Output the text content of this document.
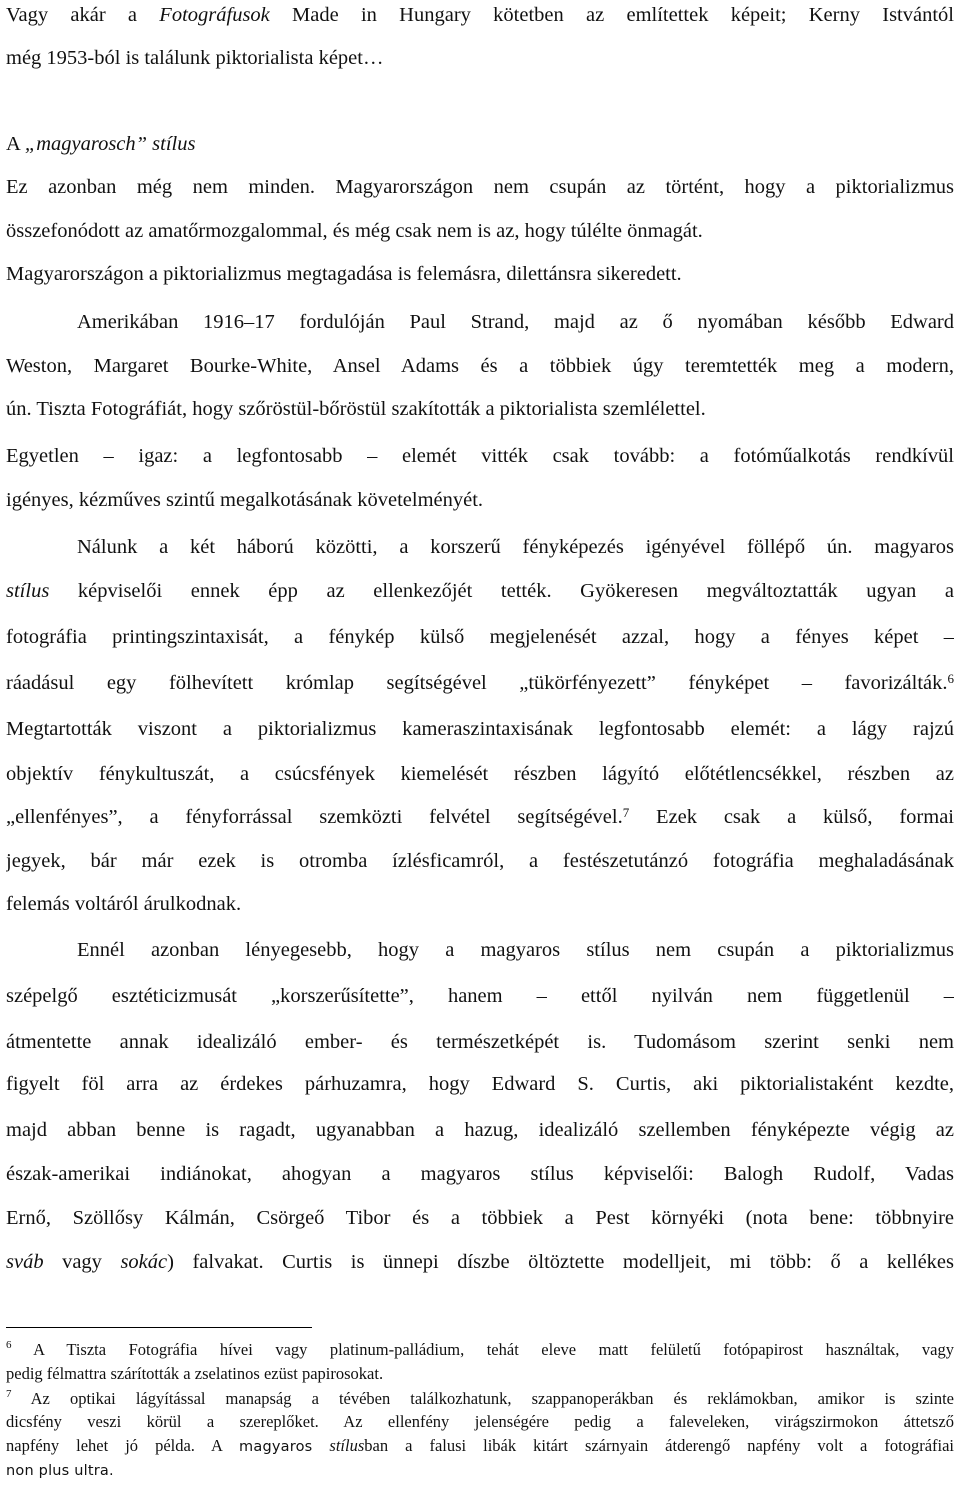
Vagy akár a Fotográfusok Made in Hungary kötetben az említettek képeit; Kerny Istvántól
még 1953-ból is találunk piktorialista képet…
A „magyarosch” stílus
Ez azonban még nem minden. Magyarországon nem csupán az történt, hogy a piktorializmus
összefonódott az amatőrmozgalommal, és még csak nem is az, hogy túlélte önmagát.
Magyarországon a piktorializmus megtagadása is felemásra, dilettánsra sikeredett.
Amerikában 1916–17 fordulóján Paul Strand, majd az ő nyomában később Edward
Weston, Margaret Bourke-White, Ansel Adams és a többiek úgy teremtették meg a modern,
ún. Tiszta Fotográfiát, hogy szőröstül-bőröstül szakították a piktorialista szemlélettel.
Egyetlen – igaz: a legfontosabb – elemét vitték csak tovább: a fotóműalkotás rendkívül
igényes, kézműves szintű megalkotásának követelményét.
Nálunk a két háború közötti, a korszerű fényképezés igényével föllépő ún. magyaros
stílus képviselői ennek épp az ellenkezőjét tették. Gyökeresen megváltoztatták ugyan a
fotográfia printingszintaxisát, a fénykép külső megjelenését azzal, hogy a fényes képet –
ráadásul egy fölhevített krómlap segítségével „tükörfényezett” fényképet – favorizálták.$^6$
Megtartották viszont a piktorializmus kameraszintaxisának legfontosabb elemét: a lágy rajzú
objektív fénykultuszát, a csúcsfények kiemelését részben lágyító előtétlencsékkel, részben az
„ellenfényes”, a fényforrással szemközti felvétel segítségével.$^7$ Ezek csak a külső, formai
jegyek, bár már ezek is otromba ízlésficamról, a festészetutánzó fotográfia meghaladásának
felemás voltáról árulkodnak.
Ennél azonban lényegesebb, hogy a magyaros stílus nem csupán a piktorializmus
szépelgő esztéticizmusát „korszerűsítette”, hanem – ettől nyilván nem függetlenül –
átmentette annak idealizáló ember- és természetképét is. Tudomásom szerint senki nem
figyelt föl arra az érdekes párhuzamra, hogy Edward S. Curtis, aki piktorialistaként kezdte,
majd abban benne is ragadt, ugyanabban a hazug, idealizáló szellemben fényképezte végig az
észak-amerikai indiánokat, ahogyan a magyaros stílus képviselői: Balogh Rudolf, Vadas
Ernő, Szöllősy Kálmán, Csörgeő Tibor és a többiek a Pest környéki (nota bene: többnyire
sváb vagy sokác) falvakat. Curtis is ünnepi díszbe öltöztette modelljeit, mi több: ő a kellékes
$^6$ A Tiszta Fotográfia hívei vagy platinum-palládium, tehát eleve matt felületű fotópapirost használtak, vagy
pedig félmattra szárították a zselatinos ezüst papirosokat.
$^7$ Az optikai lágyítással manapság a tévében találkozhatunk, szappanoperákban és reklámokban, amikor is szinte
dicsfény veszi körül a szereplőket. Az ellenfény jelenségére pedig a faleveleken, virágszirmokon áttetsző
napfény lehet jó példa. A magyaros stílusban a falusi libák kitárt szárnyain átderengő napfény volt a fotográfiai
non plus ultra.
